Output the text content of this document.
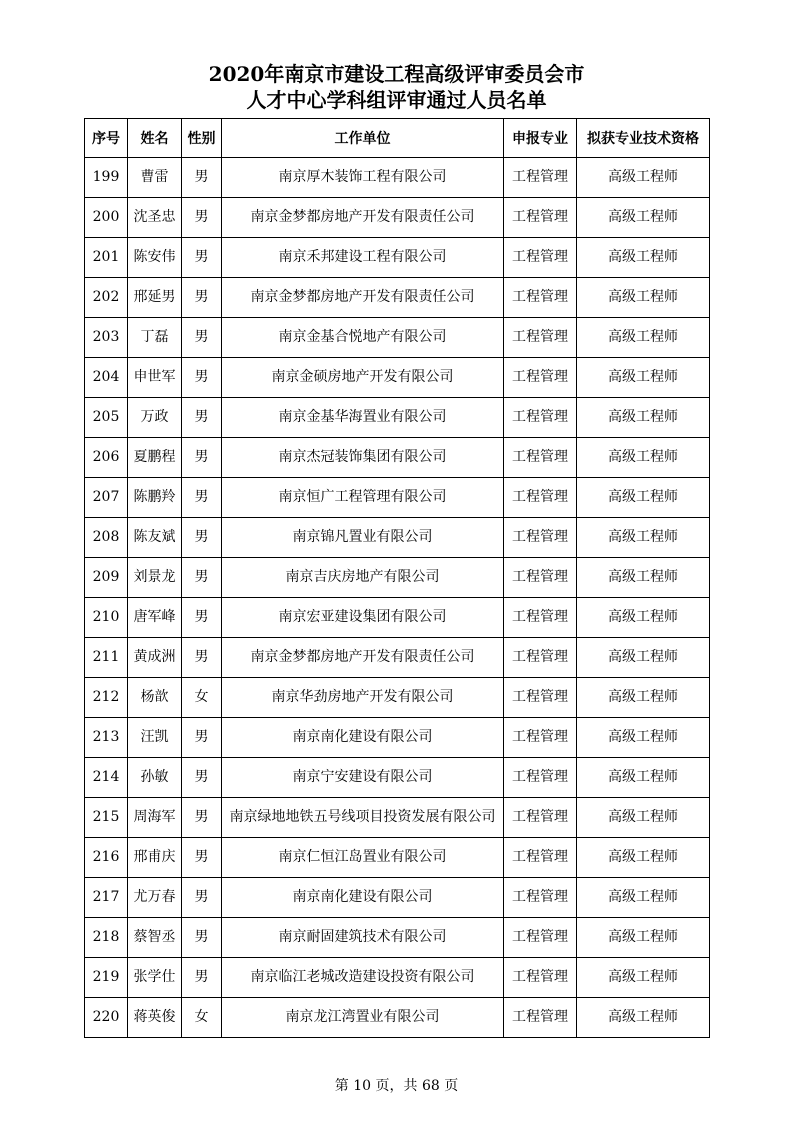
2020年南京市建设工程高级评审委员会市
人才中心学科组评审通过人员名单
序号	姓名	性别	工作单位	申报专业	拟获专业技术资格
199	曹雷	男	南京厚木装饰工程有限公司	工程管理	高级工程师
200	沈圣忠	男	南京金梦都房地产开发有限责任公司	工程管理	高级工程师
201	陈安伟	男	南京禾邦建设工程有限公司	工程管理	高级工程师
202	邢延男	男	南京金梦都房地产开发有限责任公司	工程管理	高级工程师
203	丁磊	男	南京金基合悦地产有限公司	工程管理	高级工程师
204	申世军	男	南京金硕房地产开发有限公司	工程管理	高级工程师
205	万政	男	南京金基华海置业有限公司	工程管理	高级工程师
206	夏鹏程	男	南京杰冠装饰集团有限公司	工程管理	高级工程师
207	陈鹏羚	男	南京恒广工程管理有限公司	工程管理	高级工程师
208	陈友斌	男	南京锦凡置业有限公司	工程管理	高级工程师
209	刘景龙	男	南京吉庆房地产有限公司	工程管理	高级工程师
210	唐军峰	男	南京宏亚建设集团有限公司	工程管理	高级工程师
211	黄成洲	男	南京金梦都房地产开发有限责任公司	工程管理	高级工程师
212	杨歆	女	南京华劲房地产开发有限公司	工程管理	高级工程师
213	汪凯	男	南京南化建设有限公司	工程管理	高级工程师
214	孙敏	男	南京宁安建设有限公司	工程管理	高级工程师
215	周海军	男	南京绿地地铁五号线项目投资发展有限公司	工程管理	高级工程师
216	邢甫庆	男	南京仁恒江岛置业有限公司	工程管理	高级工程师
217	尤万春	男	南京南化建设有限公司	工程管理	高级工程师
218	蔡智丞	男	南京耐固建筑技术有限公司	工程管理	高级工程师
219	张学仕	男	南京临江老城改造建设投资有限公司	工程管理	高级工程师
220	蒋英俊	女	南京龙江湾置业有限公司	工程管理	高级工程师
第 10 页，共 68 页
